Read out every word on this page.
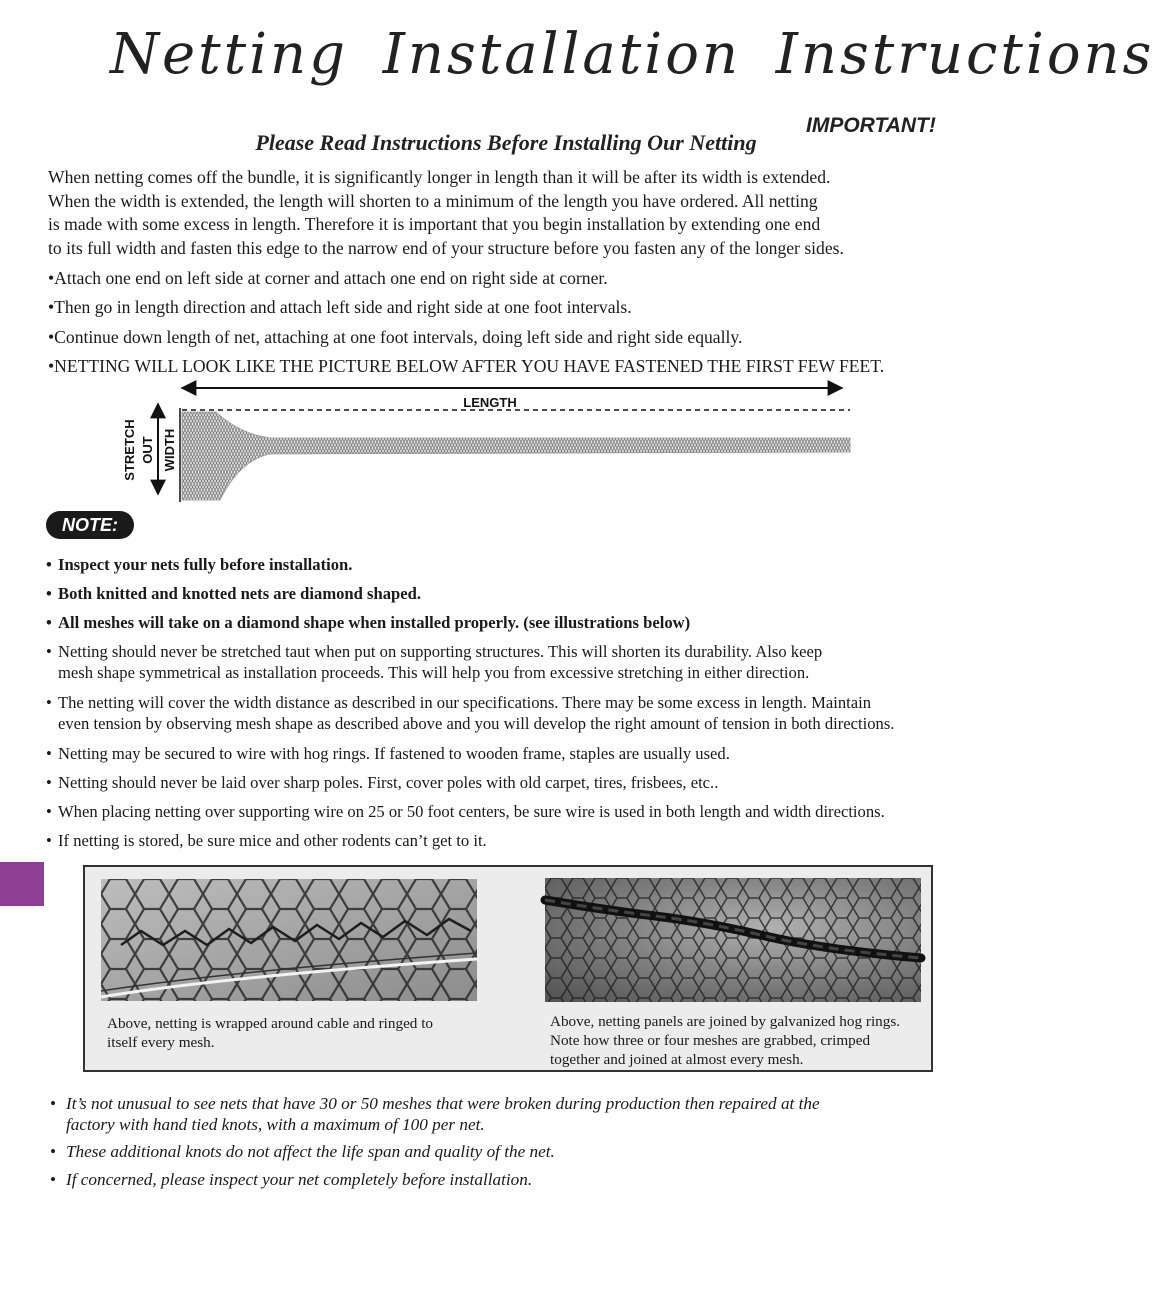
Netting Installation Instructions
IMPORTANT!
Please Read Instructions Before Installing Our Netting

When netting comes off the bundle, it is significantly longer in length than it will be after its width is extended.
When the width is extended, the length will shorten to a minimum of the length you have ordered. All netting
is made with some excess in length. Therefore it is important that you begin installation by extending one end
to its full width and fasten this edge to the narrow end of your structure before you fasten any of the longer sides.

•Attach one end on left side at corner and attach one end on right side at corner.
•Then go in length direction and attach left side and right side at one foot intervals.
•Continue down length of net, attaching at one foot intervals, doing left side and right side equally.
•NETTING WILL LOOK LIKE THE PICTURE BELOW AFTER YOU HAVE FASTENED THE FIRST FEW FEET.
LENGTH
STRETCH OUT WIDTH
NOTE:
• Inspect your nets fully before installation.
• Both knitted and knotted nets are diamond shaped.
• All meshes will take on a diamond shape when installed properly. (see illustrations below)
• Netting should never be stretched taut when put on supporting structures. This will shorten its durability. Also keep
mesh shape symmetrical as installation proceeds. This will help you from excessive stretching in either direction.
• The netting will cover the width distance as described in our specifications. There may be some excess in length. Maintain
even tension by observing mesh shape as described above and you will develop the right amount of tension in both directions.
• Netting may be secured to wire with hog rings. If fastened to wooden frame, staples are usually used.
• Netting should never be laid over sharp poles. First, cover poles with old carpet, tires, frisbees, etc..
• When placing netting over supporting wire on 25 or 50 foot centers, be sure wire is used in both length and width directions.
• If netting is stored, be sure mice and other rodents can’t get to it.
Above, netting is wrapped around cable and ringed to
itself every mesh.
Above, netting panels are joined by galvanized hog rings.
Note how three or four meshes are grabbed, crimped
together and joined at almost every mesh.
• It’s not unusual to see nets that have 30 or 50 meshes that were broken during production then repaired at the
factory with hand tied knots, with a maximum of 100 per net.
• These additional knots do not affect the life span and quality of the net.
• If concerned, please inspect your net completely before installation.
